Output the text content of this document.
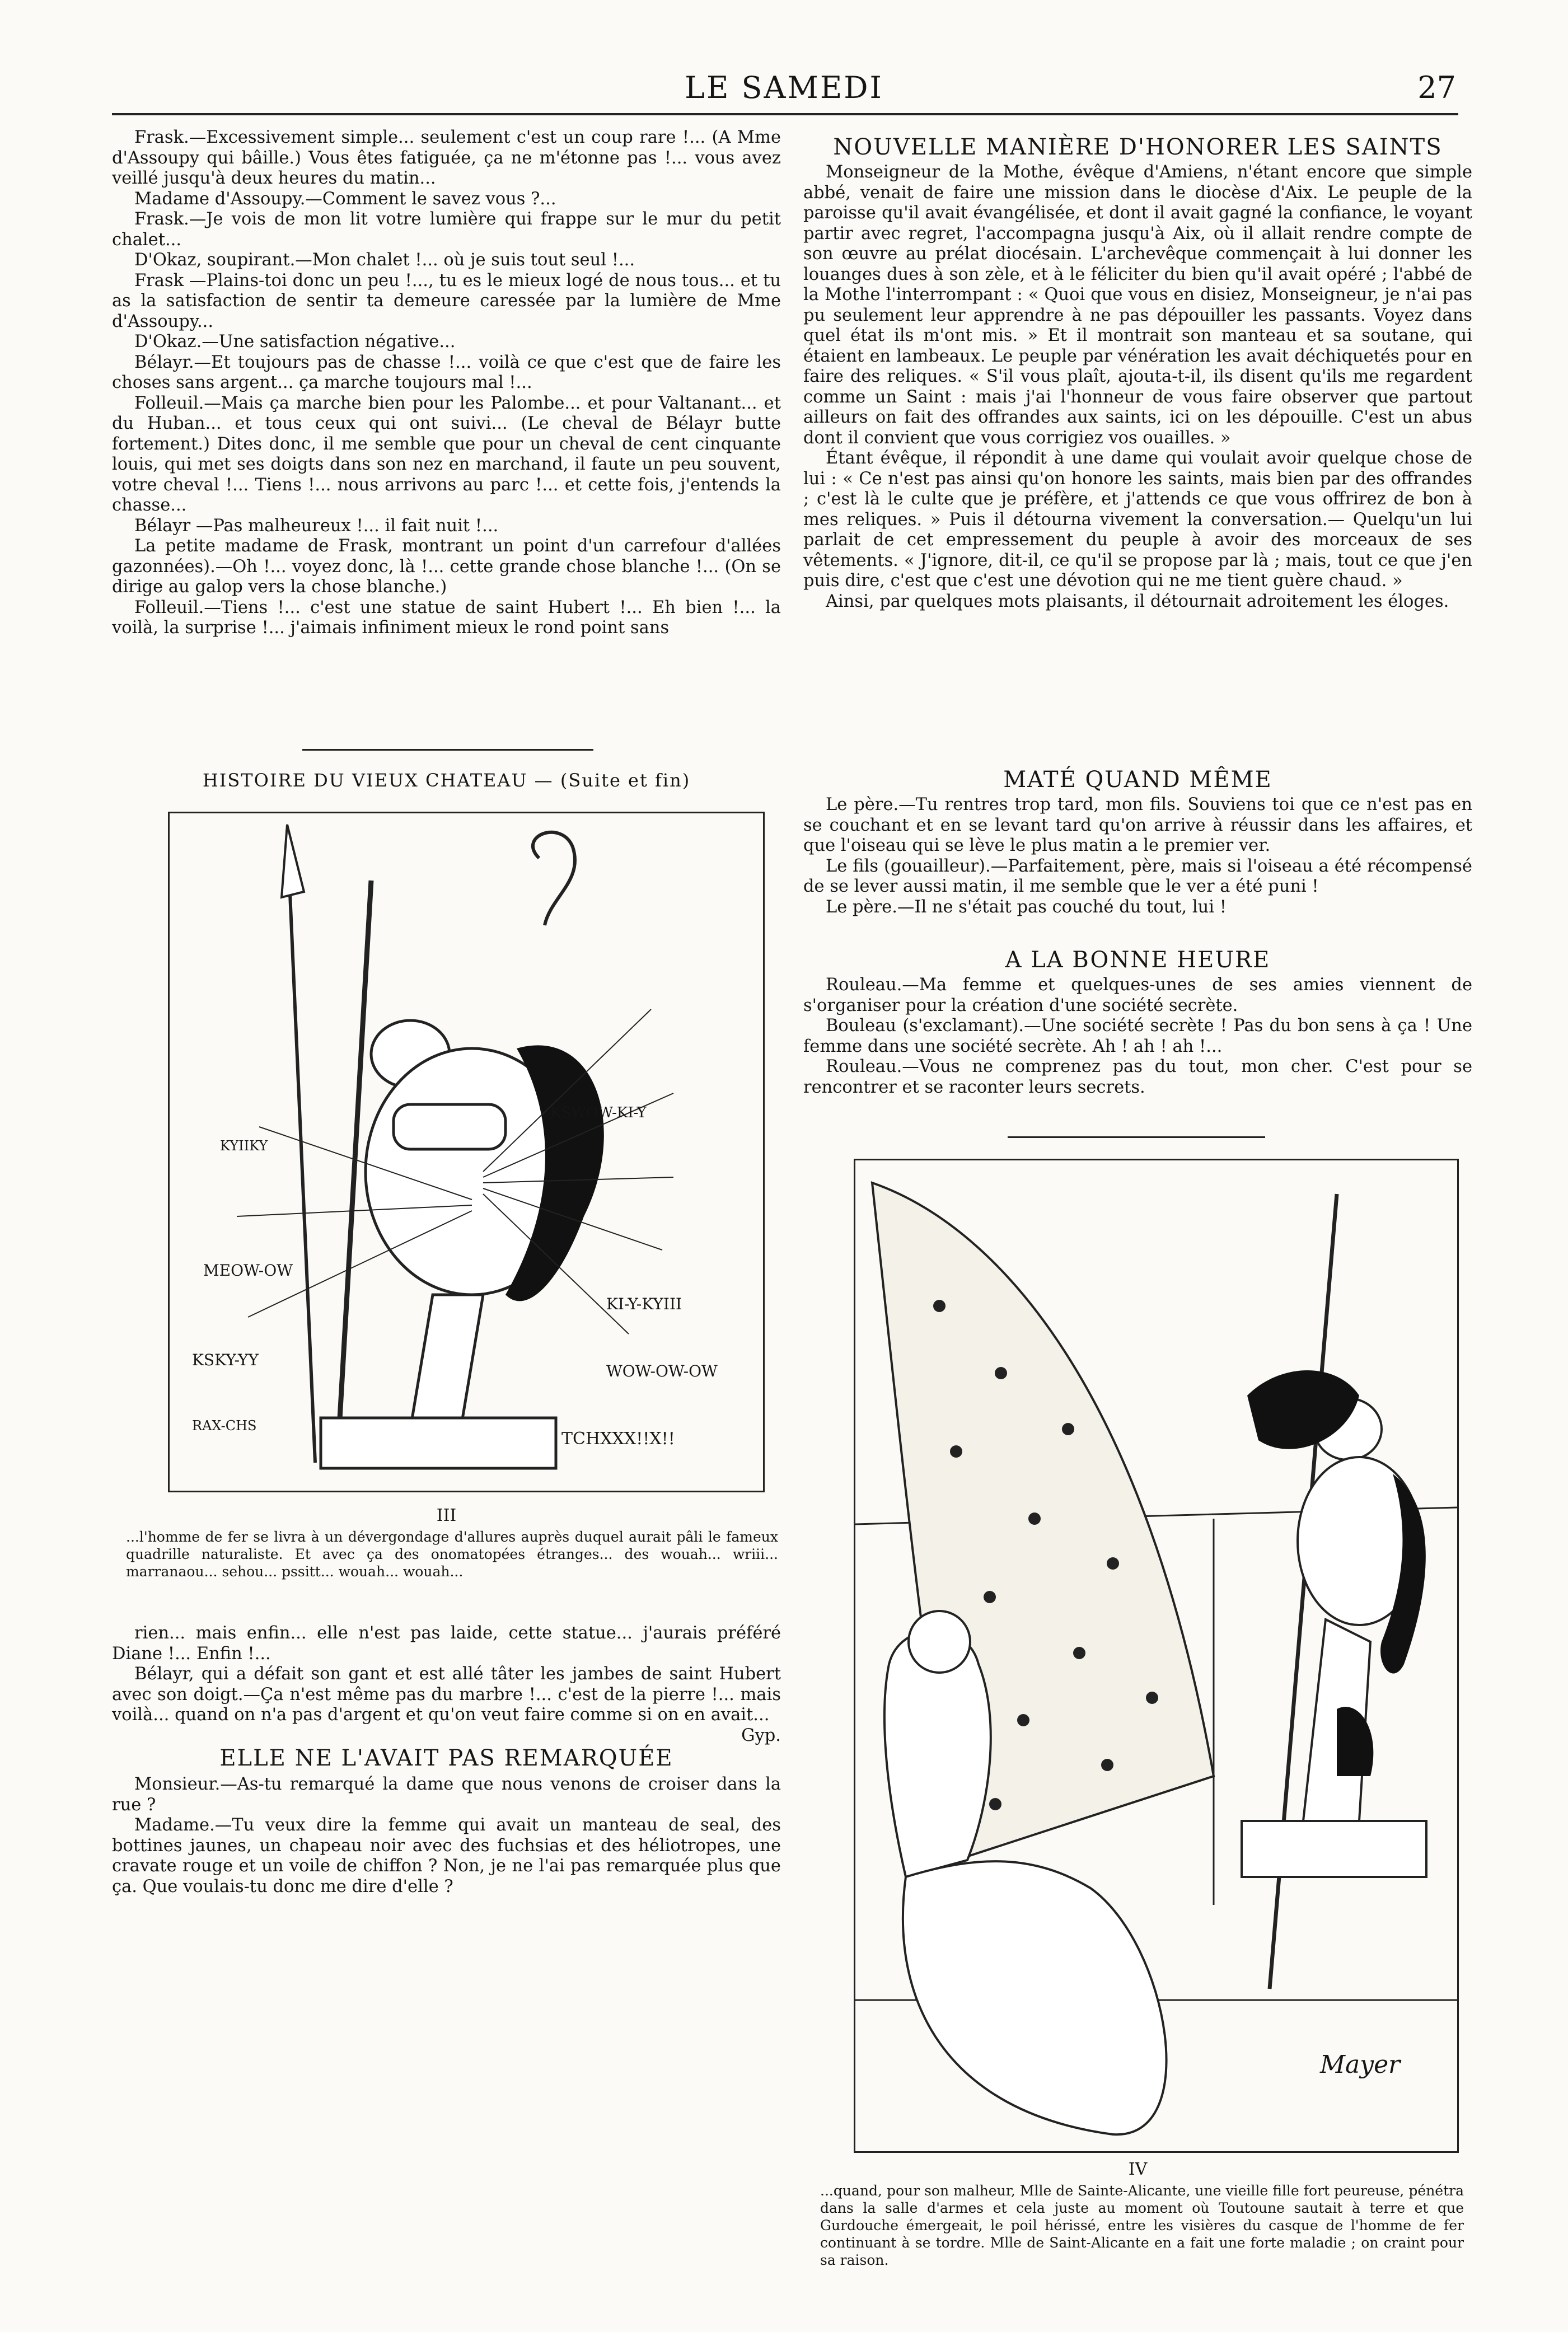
LE SAMEDI	27

Frask.—Excessivement simple... seulement c'est un coup rare !... (A Mme d'Assoupy qui bâille.) Vous êtes fatiguée, ça ne m'étonne pas !... vous avez veillé jusqu'à deux heures du matin...

Madame d'Assoupy.—Comment le savez vous ?...

Frask.—Je vois de mon lit votre lumière qui frappe sur le mur du petit chalet...

D'Okaz, soupirant.—Mon chalet !... où je suis tout seul !...

Frask —Plains-toi donc un peu !..., tu es le mieux logé de nous tous... et tu as la satisfaction de sentir ta demeure caressée par la lumière de Mme d'Assoupy...

D'Okaz.—Une satisfaction négative...

Bélayr.—Et toujours pas de chasse !... voilà ce que c'est que de faire les choses sans argent... ça marche toujours mal !...

Folleuil.—Mais ça marche bien pour les Palombe... et pour Valtanant... et du Huban... et tous ceux qui ont suivi... (Le cheval de Bélayr butte fortement.) Dites donc, il me semble que pour un cheval de cent cinquante louis, qui met ses doigts dans son nez en marchand, il faute un peu souvent, votre cheval !... Tiens !... nous arrivons au parc !... et cette fois, j'entends la chasse...

Bélayr —Pas malheureux !... il fait nuit !...

La petite madame de Frask, montrant un point d'un carrefour d'allées gazonnées).—Oh !... voyez donc, là !... cette grande chose blanche !... (On se dirige au galop vers la chose blanche.)

Folleuil.—Tiens !... c'est une statue de saint Hubert !... Eh bien !... la voilà, la surprise !... j'aimais infiniment mieux le rond point sans

HISTOIRE DU VIEUX CHATEAU — (Suite et fin)
KYIIKY
MEOW-OW
KSKY-YY
RAX-CHS
KSWOW-KI-Y
KI-Y-KYIII
WOW-OW-OW
TCHXXX!!X!!
III
...l'homme de fer se livra à un dévergondage d'allures auprès duquel aurait pâli le fameux quadrille naturaliste. Et avec ça des onomatopées étranges... des wouah... wriii... marranaou... sehou... pssitt... wouah... wouah...

rien... mais enfin... elle n'est pas laide, cette statue... j'aurais préféré Diane !... Enfin !...

Bélayr, qui a défait son gant et est allé tâter les jambes de saint Hubert avec son doigt.—Ça n'est même pas du marbre !... c'est de la pierre !... mais voilà... quand on n'a pas d'argent et qu'on veut faire comme si on en avait...

Gyp.
ELLE NE L'AVAIT PAS REMARQUÉE

Monsieur.—As-tu remarqué la dame que nous venons de croiser dans la rue ?

Madame.—Tu veux dire la femme qui avait un manteau de seal, des bottines jaunes, un chapeau noir avec des fuchsias et des héliotropes, une cravate rouge et un voile de chiffon ? Non, je ne l'ai pas remarquée plus que ça. Que voulais-tu donc me dire d'elle ?

NOUVELLE MANIÈRE D'HONORER LES SAINTS

Monseigneur de la Mothe, évêque d'Amiens, n'étant encore que simple abbé, venait de faire une mission dans le diocèse d'Aix. Le peuple de la paroisse qu'il avait évangélisée, et dont il avait gagné la confiance, le voyant partir avec regret, l'accompagna jusqu'à Aix, où il allait rendre compte de son œuvre au prélat diocésain. L'archevêque commençait à lui donner les louanges dues à son zèle, et à le féliciter du bien qu'il avait opéré ; l'abbé de la Mothe l'interrompant : « Quoi que vous en disiez, Monseigneur, je n'ai pas pu seulement leur apprendre à ne pas dépouiller les passants. Voyez dans quel état ils m'ont mis. » Et il montrait son manteau et sa soutane, qui étaient en lambeaux. Le peuple par vénération les avait déchiquetés pour en faire des reliques. « S'il vous plaît, ajouta-t-il, ils disent qu'ils me regardent comme un Saint : mais j'ai l'honneur de vous faire observer que partout ailleurs on fait des offrandes aux saints, ici on les dépouille. C'est un abus dont il convient que vous corrigiez vos ouailles. »

Étant évêque, il répondit à une dame qui voulait avoir quelque chose de lui : « Ce n'est pas ainsi qu'on honore les saints, mais bien par des offrandes ; c'est là le culte que je préfère, et j'attends ce que vous offrirez de bon à mes reliques. » Puis il détourna vivement la conversation.— Quelqu'un lui parlait de cet empressement du peuple à avoir des morceaux de ses vêtements. « J'ignore, dit-il, ce qu'il se propose par là ; mais, tout ce que j'en puis dire, c'est que c'est une dévotion qui ne me tient guère chaud. »

Ainsi, par quelques mots plaisants, il détournait adroitement les éloges.

MATÉ QUAND MÊME

Le père.—Tu rentres trop tard, mon fils. Souviens toi que ce n'est pas en se couchant et en se levant tard qu'on arrive à réussir dans les affaires, et que l'oiseau qui se lève le plus matin a le premier ver.

Le fils (gouailleur).—Parfaitement, père, mais si l'oiseau a été récompensé de se lever aussi matin, il me semble que le ver a été puni !

Le père.—Il ne s'était pas couché du tout, lui !

A LA BONNE HEURE

Rouleau.—Ma femme et quelques-unes de ses amies viennent de s'organiser pour la création d'une société secrète.

Bouleau (s'exclamant).—Une société secrète ! Pas du bon sens à ça ! Une femme dans une société secrète. Ah ! ah ! ah !...

Rouleau.—Vous ne comprenez pas du tout, mon cher. C'est pour se rencontrer et se raconter leurs secrets.

Mayer
IV
...quand, pour son malheur, Mlle de Sainte-Alicante, une vieille fille fort peureuse, pénétra dans la salle d'armes et cela juste au moment où Toutoune sautait à terre et que Gurdouche émergeait, le poil hérissé, entre les visières du casque de l'homme de fer continuant à se tordre. Mlle de Saint-Alicante en a fait une forte maladie ; on craint pour sa raison.
